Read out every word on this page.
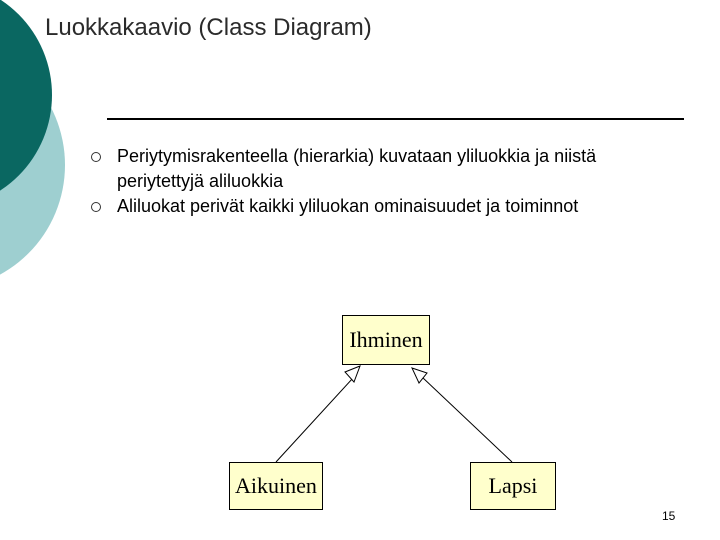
Luokkakaavio (Class Diagram)
Periytymisrakenteella (hierarkia) kuvataan yliluokkia ja niistä periytettyjä aliluokkia
Aliluokat perivät kaikki yliluokan ominaisuudet ja toiminnot
Ihminen
Aikuinen	Lapsi
15
